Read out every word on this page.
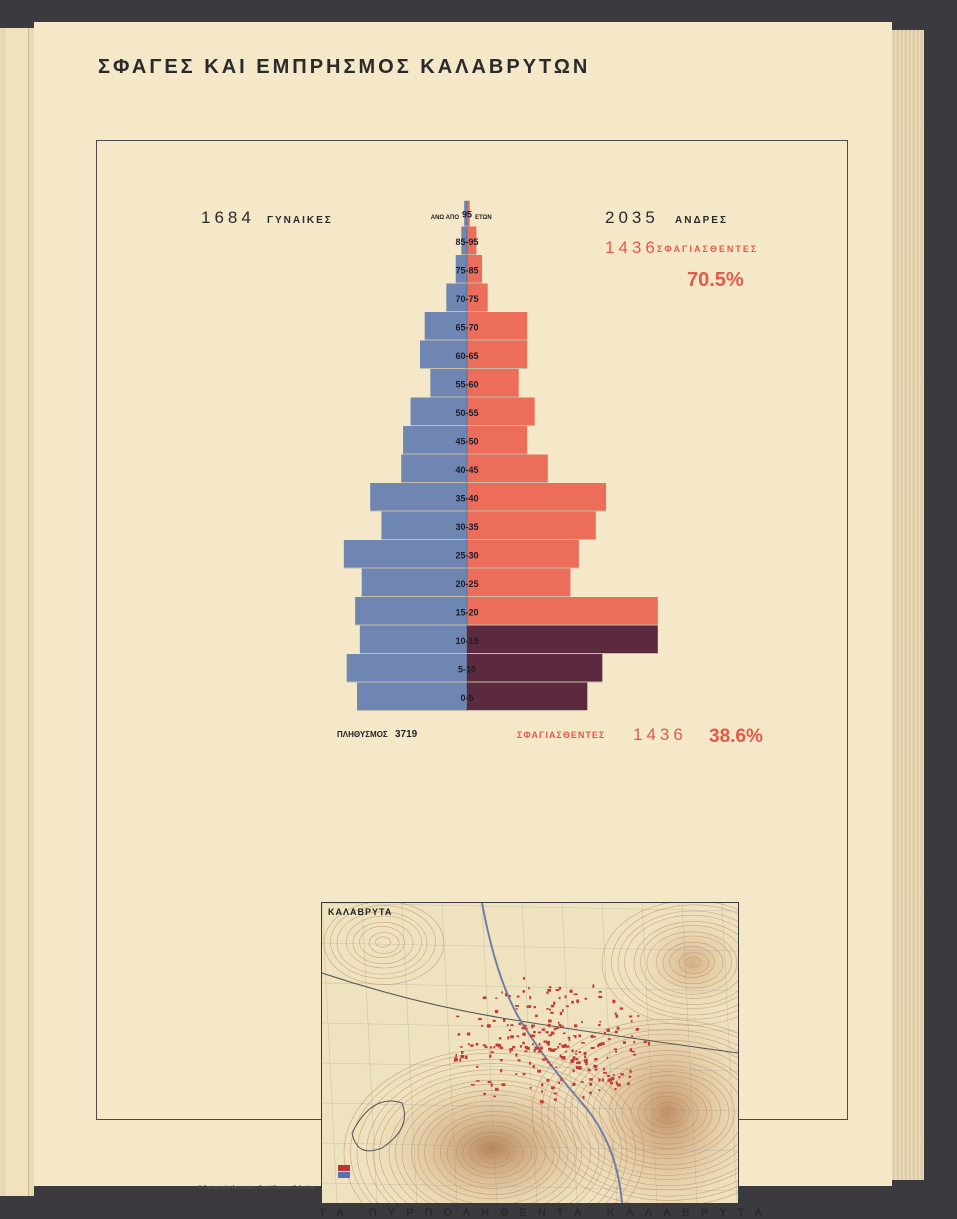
ΣΦΑΓΕΣ ΚΑΙ ΕΜΠΡΗΣΜΟΣ ΚΑΛΑΒΡΥΤΩΝ
95
85-95
75-85
70-75
65-70
60-65
55-60
50-55
45-50
40-45
35-40
30-35
25-30
20-25
15-20
10-15
5-10
0-5
ΑΝΩ ΑΠΟ	ΕΤΩΝ
1684 ΓΥΝΑΙΚΕΣ	2035 ΑΝΔΡΕΣ
1436
ΣΦΑΓΙΑΣΘΕΝΤΕΣ
70.5%
ΠΛΗΘΥΣΜΟΣ 3719	ΣΦΑΓΙΑΣΘΕΝΤΕΣ 1436 38.6%
ΚΑΛΑΒΡΥΤΑ
ΤΑ ΠΥΡΠΟΛΗΘΕΝΤΑ ΚΑΛΑΒΡΥΤΑ
© Cartography Associates, David Rumsey Collection
